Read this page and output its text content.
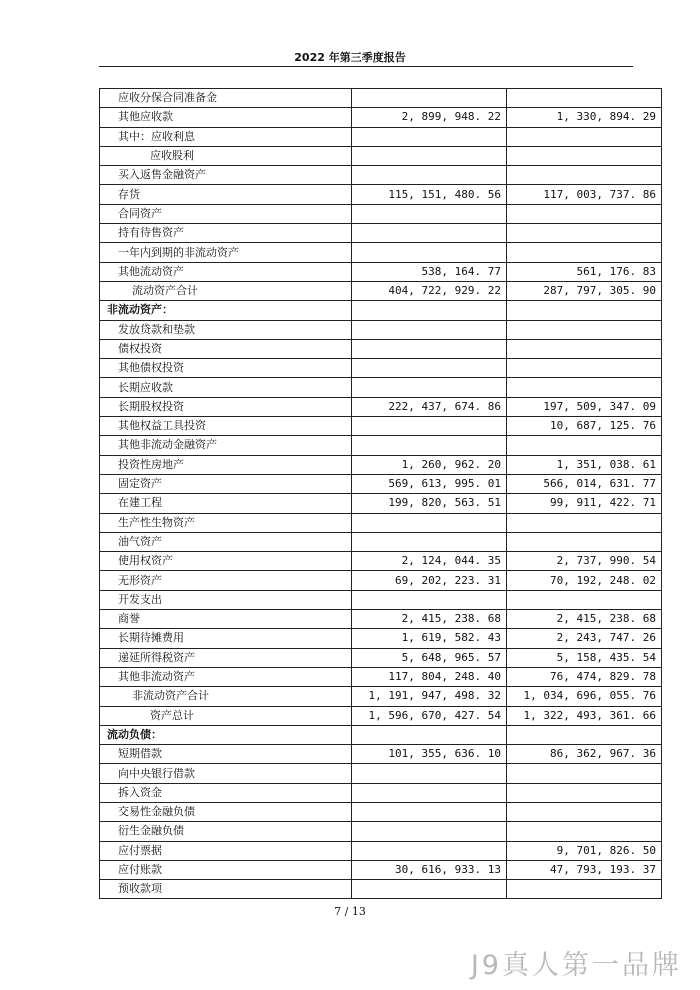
2022 年第三季度报告
应收分保合同准备金		
其他应收款	2, 899, 948. 22	1, 330, 894. 29
其中：应收利息		
应收股利		
买入返售金融资产		
存货	115, 151, 480. 56	117, 003, 737. 86
合同资产		
持有待售资产		
一年内到期的非流动资产		
其他流动资产	538, 164. 77	561, 176. 83
流动资产合计	404, 722, 929. 22	287, 797, 305. 90
非流动资产：		
发放贷款和垫款		
债权投资		
其他债权投资		
长期应收款		
长期股权投资	222, 437, 674. 86	197, 509, 347. 09
其他权益工具投资		10, 687, 125. 76
其他非流动金融资产		
投资性房地产	1, 260, 962. 20	1, 351, 038. 61
固定资产	569, 613, 995. 01	566, 014, 631. 77
在建工程	199, 820, 563. 51	99, 911, 422. 71
生产性生物资产		
油气资产		
使用权资产	2, 124, 044. 35	2, 737, 990. 54
无形资产	69, 202, 223. 31	70, 192, 248. 02
开发支出		
商誉	2, 415, 238. 68	2, 415, 238. 68
长期待摊费用	1, 619, 582. 43	2, 243, 747. 26
递延所得税资产	5, 648, 965. 57	5, 158, 435. 54
其他非流动资产	117, 804, 248. 40	76, 474, 829. 78
非流动资产合计	1, 191, 947, 498. 32	1, 034, 696, 055. 76
资产总计	1, 596, 670, 427. 54	1, 322, 493, 361. 66
流动负债：		
短期借款	101, 355, 636. 10	86, 362, 967. 36
向中央银行借款		
拆入资金		
交易性金融负债		
衍生金融负债		
应付票据		9, 701, 826. 50
应付账款	30, 616, 933. 13	47, 793, 193. 37
预收款项		
7 / 13
J9真人第一品牌
